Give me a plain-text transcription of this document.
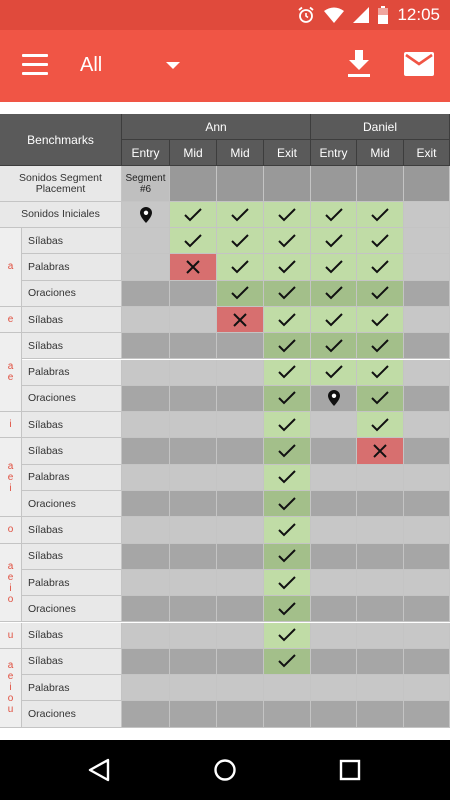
12:05
All
Benchmarks
Ann	Daniel
Entry Mid Mid Exit Entry Mid Exit
Sonidos Segment Placement
Segment #6
Sonidos Iniciales
a
e
a
e
i
a
e
i
o
a
e
i
o
u
a
e
i
o
u
Sílabas
Palabras
Oraciones
Sílabas
Sílabas
Palabras
Oraciones
Sílabas
Sílabas
Palabras
Oraciones
Sílabas
Sílabas
Palabras
Oraciones
Sílabas
Sílabas
Palabras
Oraciones
